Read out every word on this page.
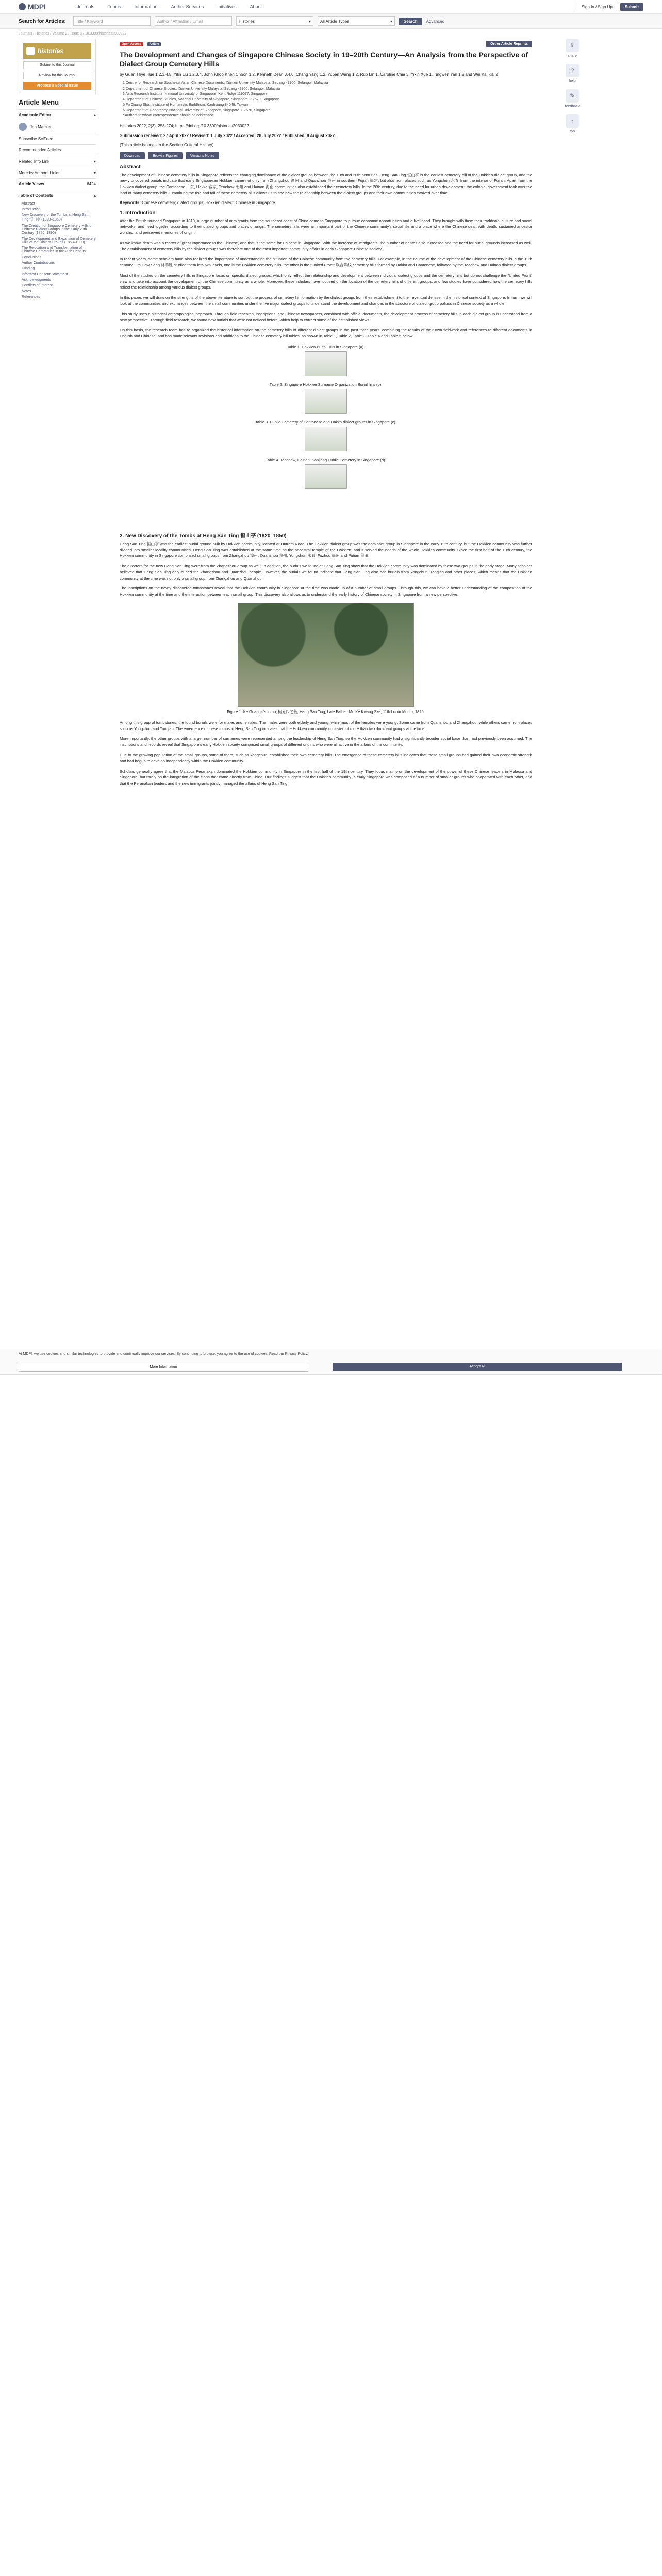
MDPI	Journals	Topics	Information	Author Services	Initiatives	About	Sign In / Sign Up	Submit
Search for Articles:	Title / Keyword	Author / Affiliation / Email	Histories	▾ All Article Types	▾	Search	Advanced
Journals / Histories / Volume 2 / Issue 3 / 10.3390/histories2030022
histories
Submit to this Journal
Review for this Journal
Propose a Special Issue
Article Menu
Academic Editor	▴
Jon Mathieu
Subscribe SciFeed
Recommended Articles
Related Info Link	▾
More by Authors Links	▾
Article Views	6424
Table of Contents	▴
Abstract
Introduction
New Discovery of the Tombs at Heng San Ting 恒山亭 (1820–1850)
The Creation of Singapore Cemetery Hills of Chinese Dialect Groups in the Early 20th Century (1820–1890)
The Development and Expansion of Cemetery Hills of the Dialect Groups (1850–1900)
The Relocation and Transformation of Chinese Cemeteries in the 20th Century
Conclusions
Author Contributions
Funding
Informed Consent Statement
Acknowledgments
Conflicts of Interest
Notes
References
Open Access	Article	Order Article Reprints
The Development and Changes of Singapore Chinese Society in 19–20th Century—An Analysis from the Perspective of Dialect Group Cemetery Hills
by Guan Thye Hue 1,2,3,4,5, Yilin Liu 1,2,3,4, John Khoo Khen Choon 1,2, Kenneth Dean 3,4,6, Chang Yang 1,2, Yuben Wang 1,2, Ruo Lin 1, Caroline Chia 3, Yixin Xue 1, Tingwen Yan 1,2 and Wei Kai Kai 2
1 Centre for Research on Southeast Asian Chinese Documents, Xiamen University Malaysia, Sepang 43900, Selangor, Malaysia
2 Department of Chinese Studies, Xiamen University Malaysia, Sepang 43900, Selangor, Malaysia
3 Asia Research Institute, National University of Singapore, Kent Ridge 119077, Singapore
4 Department of Chinese Studies, National University of Singapore, Singapore 117570, Singapore
5 Fu Guang Shan Institute of Humanistic Buddhism, Kaohsiung 84049, Taiwan
6 Department of Geography, National University of Singapore, Singapore 117570, Singapore
* Authors to whom correspondence should be addressed.
Histories 2022, 2(3), 258-274; https://doi.org/10.3390/histories2030022
Submission received: 27 April 2022 / Revised: 1 July 2022 / Accepted: 28 July 2022 / Published: 8 August 2022
(This article belongs to the Section Cultural History)
Download	Browse Figures	Versions Notes
Abstract

The development of Chinese cemetery hills in Singapore reflects the changing dominance of the dialect groups between the 19th and 20th centuries. Heng San Ting 恒山亭 is the earliest cemetery hill of the Hokkien dialect group, and the newly uncovered burials indicate that early Singaporean Hokkien came not only from Zhangzhou 漳州 and Quanzhou 泉州 in southern Fujian 福建, but also from places such as Yongchun 永春 from the interior of Fujian. Apart from the Hokkien dialect group, the Cantonese 广东, Hakka 客家, Teochew 潮州 and Hainan 海南 communities also established their cemetery hills. In the 20th century, due to the need for urban development, the colonial government took over the land of many cemetery hills. Examining the rise and fall of these cemetery hills allows us to see how the relationship between the dialect groups and their own communities evolved over time.

Keywords: Chinese cemetery; dialect groups; Hokkien dialect; Chinese in Singapore
1. Introduction

After the British founded Singapore in 1819, a large number of immigrants from the southeast coast of China came to Singapore to pursue economic opportunities and a livelihood. They brought with them their traditional culture and social networks, and lived together according to their dialect groups and places of origin. The cemetery hills were an important part of the Chinese community's social life and a place where the Chinese dealt with death, sustained ancestor worship, and preserved memories of origin.

As we know, death was a matter of great importance to the Chinese, and that is the same for Chinese in Singapore. With the increase of immigrants, the number of deaths also increased and the need for burial grounds increased as well. The establishment of cemetery hills by the dialect groups was therefore one of the most important community affairs in early Singapore Chinese society.

In recent years, some scholars have also realized the importance of understanding the situation of the Chinese community from the cemetery hills. For example, in the course of the development of the Chinese cemetery hills in the 19th century, Lim How Seng 林孝胜 studied them into two levels, one is the Hokkien cemetery hills, the other is the "United Front" 联合阵线 cemetery hills formed by Hakka and Cantonese, followed by the Teochew and Hainan dialect groups.

Most of the studies on the cemetery hills in Singapore focus on specific dialect groups, which only reflect the relationship and development between individual dialect groups and the cemetery hills but do not challenge the "United Front" view and take into account the development of the Chinese community as a whole. Moreover, these scholars have focused on the location of the cemetery hills of different groups, and few studies have considered how the cemetery hills reflect the relationship among various dialect groups.

In this paper, we will draw on the strengths of the above literature to sort out the process of cemetery hill formation by the dialect groups from their establishment to their eventual demise in the historical context of Singapore. In turn, we will look at the communities and exchanges between the small communities under the five major dialect groups to understand the development and changes in the structure of dialect group politics in Chinese society as a whole.

This study uses a historical anthropological approach. Through field research, inscriptions, and Chinese newspapers, combined with official documents, the development process of cemetery hills in each dialect group is understood from a new perspective. Through field research, we found new burials that were not noticed before, which help to correct some of the established views.

On this basis, the research team has re-organized the historical information on the cemetery hills of different dialect groups in the past three years, combining the results of their own fieldwork and references to different documents in English and Chinese, and has made relevant revisions and additions to the Chinese cemetery hill tables, as shown in Table 1, Table 2, Table 3, Table 4 and Table 5 below.

Table 1. Hokkien Burial Hills in Singapore (a).
Table 2. Singapore Hokkien Surname Organization Burial hills (b).
Table 3. Public Cemetery of Cantonese and Hakka dialect groups in Singapore (c).
Table 4. Teochew, Hainan, Sanjiang Public Cemetery in Singapore (d).
2. New Discovery of the Tombs at Heng San Ting 恒山亭 (1820–1850)

Heng San Ting 恒山亭 was the earliest burial ground built by Hokkien community, located at Outram Road. The Hokkien dialect group was the dominant group in Singapore in the early 19th century, but the Hokkien community was further divided into smaller locality communities. Heng San Ting was established at the same time as the ancestral temple of the Hokkien, and it served the needs of the whole Hokkien community. Since the first half of the 19th century, the Hokkien community in Singapore comprised small groups from Zhangzhou 漳州, Quanzhou 泉州, Yongchun 永春, Fuzhou 福州 and Putian 莆田.

The directors for the new Heng San Ting were from the Zhangzhou group as well. In addition, the burials we found at Heng San Ting show that the Hokkien community was dominated by these two groups in the early stage. Many scholars believed that Heng San Ting only buried the Zhangzhou and Quanzhou people. However, the burials we found indicate that Heng San Ting also had burials from Yongchun, Tong'an and other places, which means that the Hokkien community at the time was not only a small group from Zhangzhou and Quanzhou.

The inscriptions on the newly discovered tombstones reveal that the Hokkien community in Singapore at the time was made up of a number of small groups. Through this, we can have a better understanding of the composition of the Hokkien community at the time and the interaction between each small group. This discovery also allows us to understand the early history of Chinese society in Singapore from a new perspective.

Figure 1. Ke Guangsi's tomb, 柯光四之墓, Heng San Ting, Late Father, Mr. Ke Kwang Sze, 11th Lunar Month, 1826.

Among this group of tombstones, the found burials were for males and females. The males were both elderly and young, while most of the females were young. Some came from Quanzhou and Zhangzhou, while others came from places such as Yongchun and Tong'an. The emergence of these tombs in Heng San Ting indicates that the Hokkien community consisted of more than two dominant groups at the time.

More importantly, the other groups with a larger number of surnames were represented among the leadership of Heng San Ting, so the Hokkien community had a significantly broader social base than had previously been assumed. The inscriptions and records reveal that Singapore's early Hokkien society comprised small groups of different origins who were all active in the affairs of the community.

Due to the growing population of the small groups, some of them, such as Yongchun, established their own cemetery hills. The emergence of these cemetery hills indicates that these small groups had gained their own economic strength and had begun to develop independently within the Hokkien community.

Scholars generally agree that the Malacca Peranakan dominated the Hokkien community in Singapore in the first half of the 19th century. They focus mainly on the development of the power of these Chinese leaders in Malacca and Singapore, but rarely on the integration of the clans that came directly from China. Our findings suggest that the Hokkien community in early Singapore was composed of a number of smaller groups who cooperated with each other, and that the Peranakan leaders and the new immigrants jointly managed the affairs of Heng San Ting.

⇪
share
?
help
✎
feedback
↑
top
At MDPI, we use cookies and similar technologies to provide and continually improve our services. By continuing to browse, you agree to the use of cookies. Read our Privacy Policy.
More Information	Accept All
